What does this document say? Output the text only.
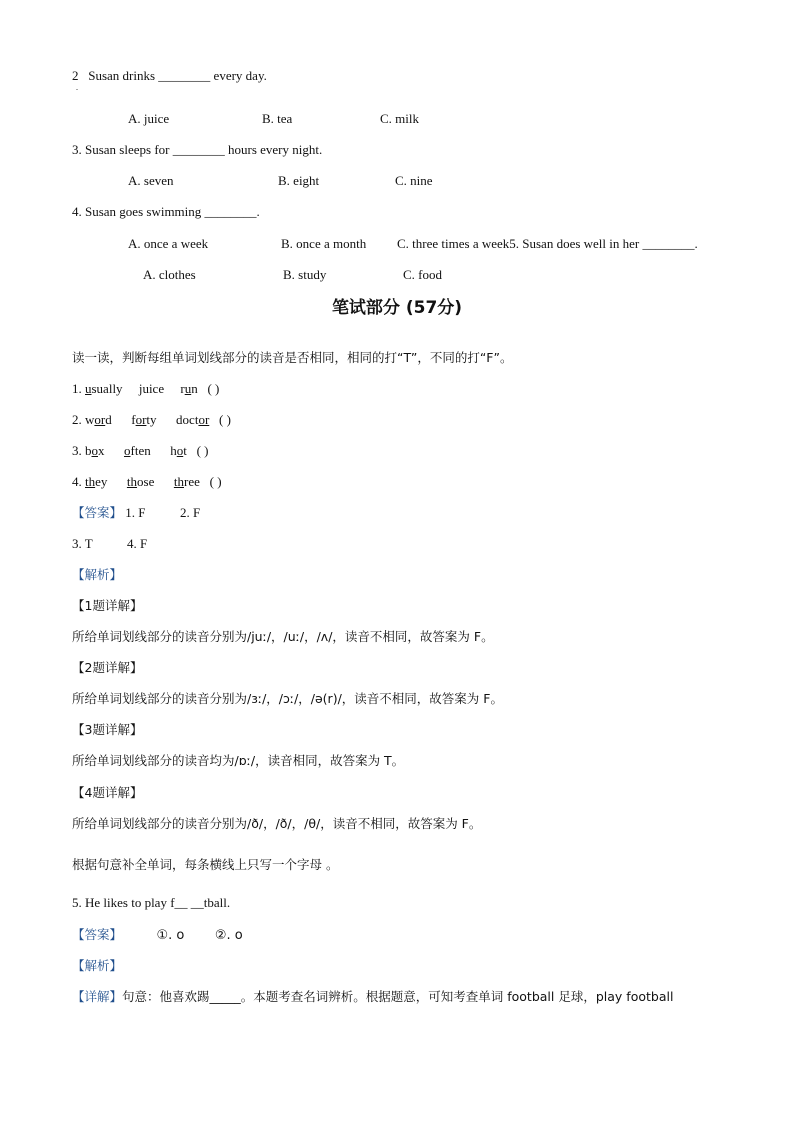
2 Susan drinks ________ every day.
.
A. juice	B. tea	C. milk
3. Susan sleeps for ________ hours every night.
A. seven	B. eight	C. nine
4. Susan goes swimming ________.
A. once a week	B. once a month C. three times a week5. Susan does well in her ________.
A. clothes	B. study	C. food
笔试部分 (57分)
读一读，判断每组单词划线部分的读音是否相同，相同的打“T”，不同的打“F”。
1. usually juice run ( )
2. word forty doctor ( )
3. box often hot ( )
4. they those three ( )
【答案】 1. F	2. F
3. T	4. F
【解析】
【1题详解】
所给单词划线部分的读音分别为/juː/，/uː/，/ʌ/，读音不相同，故答案为 F。
【2题详解】
所给单词划线部分的读音分别为/ɜː/，/ɔː/，/ə(r)/，读音不相同，故答案为 F。
【3题详解】
所给单词划线部分的读音均为/ɒː/，读音相同，故答案为 T。
【4题详解】
所给单词划线部分的读音分别为/ð/，/ð/，/θ/，读音不相同，故答案为 F。
根据句意补全单词，每条横线上只写一个字母 。
5. He likes to play f__ __tball.
【答案】	①. o ②. o
【解析】
【详解】句意：他喜欢踢_____。本题考查名词辨析。根据题意，可知考查单词 football 足球，play football
